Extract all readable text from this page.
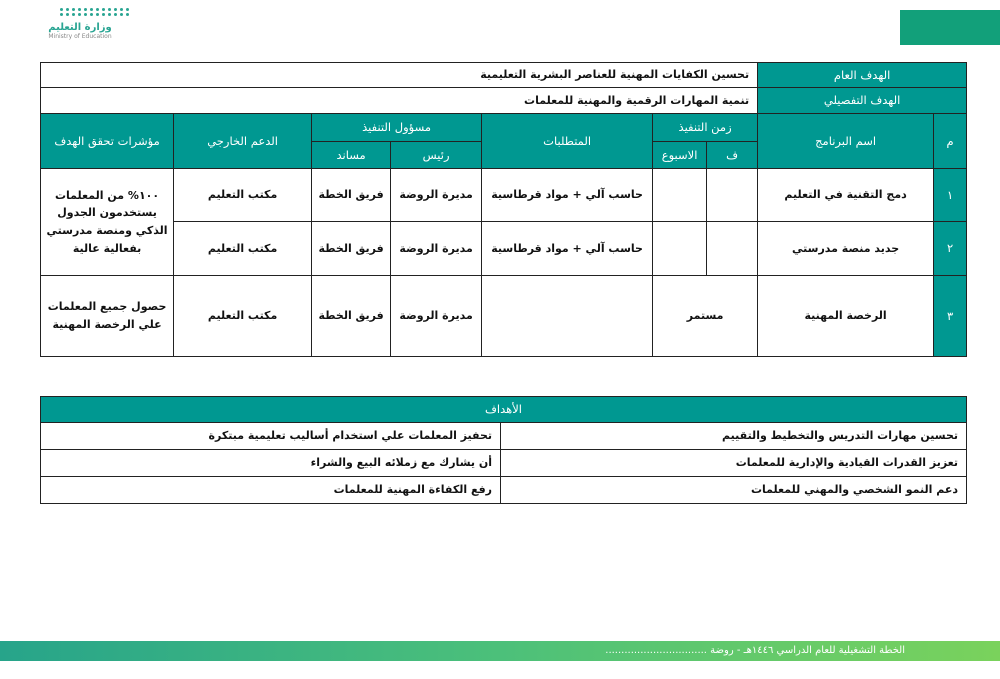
وزارة التعليم
Ministry of Education
الهدف العام		تحسين الكفايات المهنية للعناصر البشرية التعليمية						
الهدف التفصيلي		تنمية المهارات الرقمية والمهنية للمعلمات						
م	اسم البرنامج	زمن التنفيذ		المتطلبات	مسؤول التنفيذ		الدعم الخارجي	مؤشرات تحقق الهدف
		ف	الاسبوع		رئيس	مساند		
١	دمج التقنية في التعليم			حاسب آلي + مواد قرطاسية	مديرة الروضة	فريق الخطة	مكتب التعليم	١٠٠% من المعلمات يستخدمون الجدول الذكي ومنصة مدرستي بفعالية عالية
٢	جديد منصة مدرستي			حاسب آلي + مواد قرطاسية	مديرة الروضة	فريق الخطة	مكتب التعليم	
٣	الرخصة المهنية	مستمر			مديرة الروضة	فريق الخطة	مكتب التعليم	حصول جميع المعلمات علي الرخصة المهنية
الأهداف	
تحسين مهارات التدريس والتخطيط والتقييم	تحفيز المعلمات علي استخدام أساليب تعليمية مبتكرة
تعزيز القدرات القيادية والإدارية للمعلمات	أن يشارك مع زملائه البيع والشراء
دعم النمو الشخصي والمهني للمعلمات	رفع الكفاءة المهنية للمعلمات
الخطة التشغيلية للعام الدراسي ١٤٤٦هـ - روضة ................................
